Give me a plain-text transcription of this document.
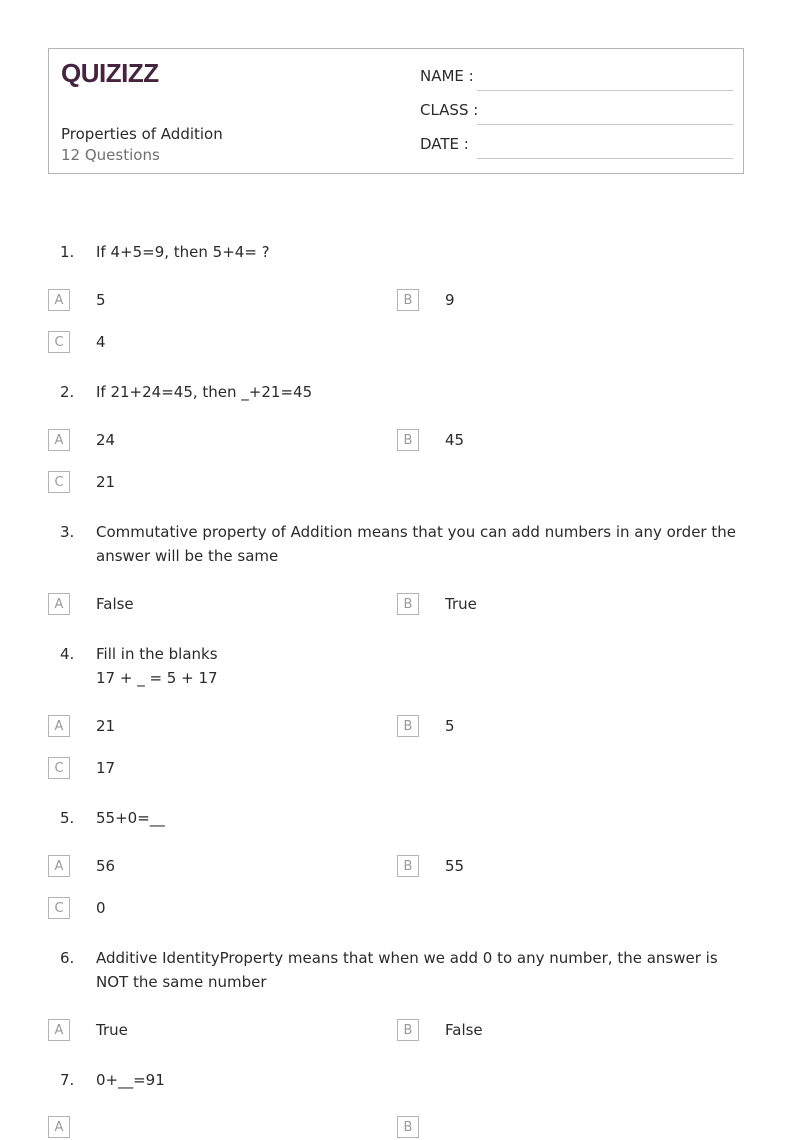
QUIZIZZ
Properties of Addition
12 Questions
NAME :
CLASS :
DATE :
1. If 4+5=9, then 5+4= ?
A	5	B	9
C	4
2. If 21+24=45, then _+21=45
A	24	B	45
C	21
3. Commutative property of Addition means that you can add numbers in any order the answer will be the same
A	False	B	True
4. Fill in the blanks
17 + _ = 5 + 17
A	21	B	5
C	17
5. 55+0=__
A	56	B	55
C	0
6. Additive IdentityProperty means that when we add 0 to any number, the answer is NOT the same number
A	True	B	False
7. 0+__=91
A	B
